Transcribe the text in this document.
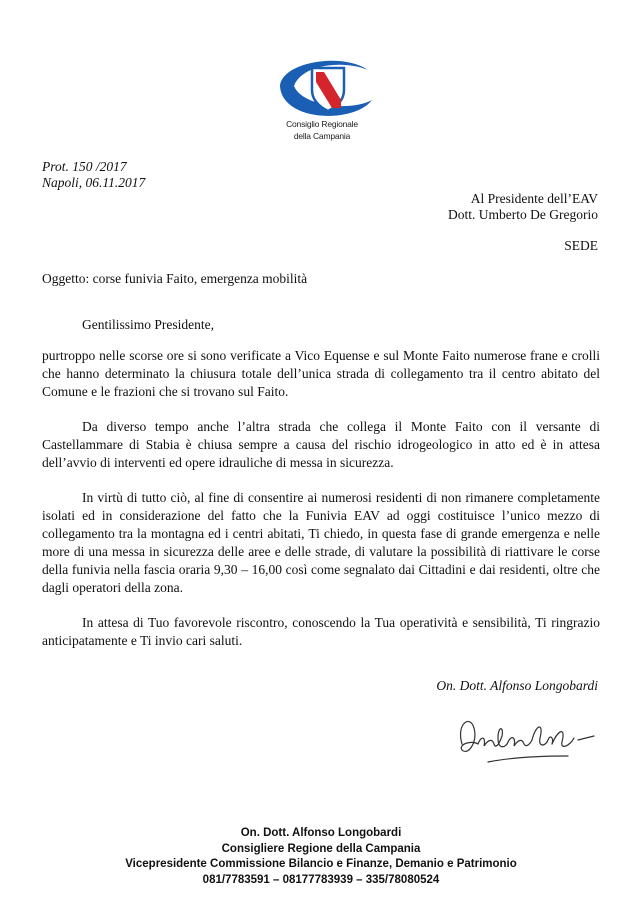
Consiglio Regionale
della Campania
Prot. 150 /2017
Napoli, 06.11.2017
Al Presidente dell’EAV
Dott. Umberto De Gregorio
SEDE
Oggetto: corse funivia Faito, emergenza mobilità
Gentilissimo Presidente,

purtroppo nelle scorse ore si sono verificate a Vico Equense e sul Monte Faito numerose frane e crolli che hanno determinato la chiusura totale dell’unica strada di collegamento tra il centro abitato del Comune e le frazioni che si trovano sul Faito.

Da diverso tempo anche l’altra strada che collega il Monte Faito con il versante di Castellammare di Stabia è chiusa sempre a causa del rischio idrogeologico in atto ed è in attesa dell’avvio di interventi ed opere idrauliche di messa in sicurezza.

In virtù di tutto ciò, al fine di consentire ai numerosi residenti di non rimanere completamente isolati ed in considerazione del fatto che la Funivia EAV ad oggi costituisce l’unico mezzo di collegamento tra la montagna ed i centri abitati, Ti chiedo, in questa fase di grande emergenza e nelle more di una messa in sicurezza delle aree e delle strade, di valutare la possibilità di riattivare le corse della funivia nella fascia oraria 9,30 – 16,00 così come segnalato dai Cittadini e dai residenti, oltre che dagli operatori della zona.

In attesa di Tuo favorevole riscontro, conoscendo la Tua operatività e sensibilità, Ti ringrazio anticipatamente e Ti invio cari saluti.

On. Dott. Alfonso Longobardi
On. Dott. Alfonso Longobardi
Consigliere Regione della Campania
Vicepresidente Commissione Bilancio e Finanze, Demanio e Patrimonio
081/7783591 – 08177783939 – 335/78080524
